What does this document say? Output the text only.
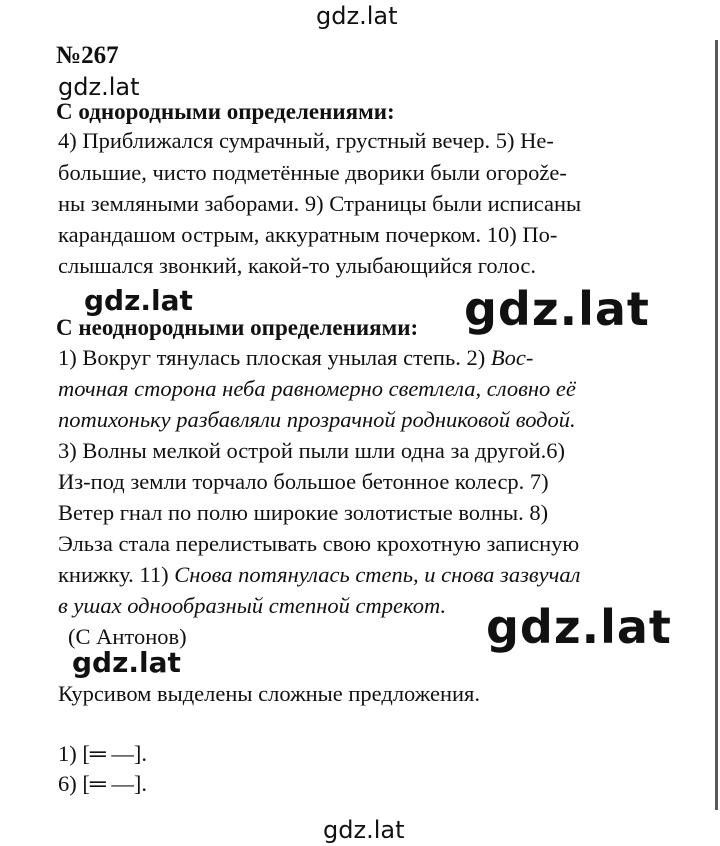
gdz.lat
№267
gdz.lat
С однородными определениями:
4) Приближался сумрачный, грустный вечер. 5) Не-
большие, чисто подметённые дворики были огорože-
ны земляными заборами. 9) Страницы были исписаны
карандашом острым, аккуратным почерком. 10) По-
слышался звонкий, какой-то улыбающийся голос.
gdz.lat	gdz.lat
С неоднородными определениями:
1) Вокруг тянулась плоская унылая степь. 2) Вос-
точная сторона неба равномерно светлела, словно её
потихоньку разбавляли прозрачной родниковой водой.
3) Волны мелкой острой пыли шли одна за другой.6)
Из-под земли торчало большое бетонное колеср. 7)
Ветер гнал по полю широкие золотистые волны. 8)
Эльза стала перелистывать свою крохотную записную
книжку. 11) Снова потянулась степь, и снова зазвучал
в ушах однообразный степной стрекот.
(С Антонов)	gdz.lat
gdz.lat
Курсивом выделены сложные предложения.
1) [═ —].
6) [═ —].
gdz.lat
